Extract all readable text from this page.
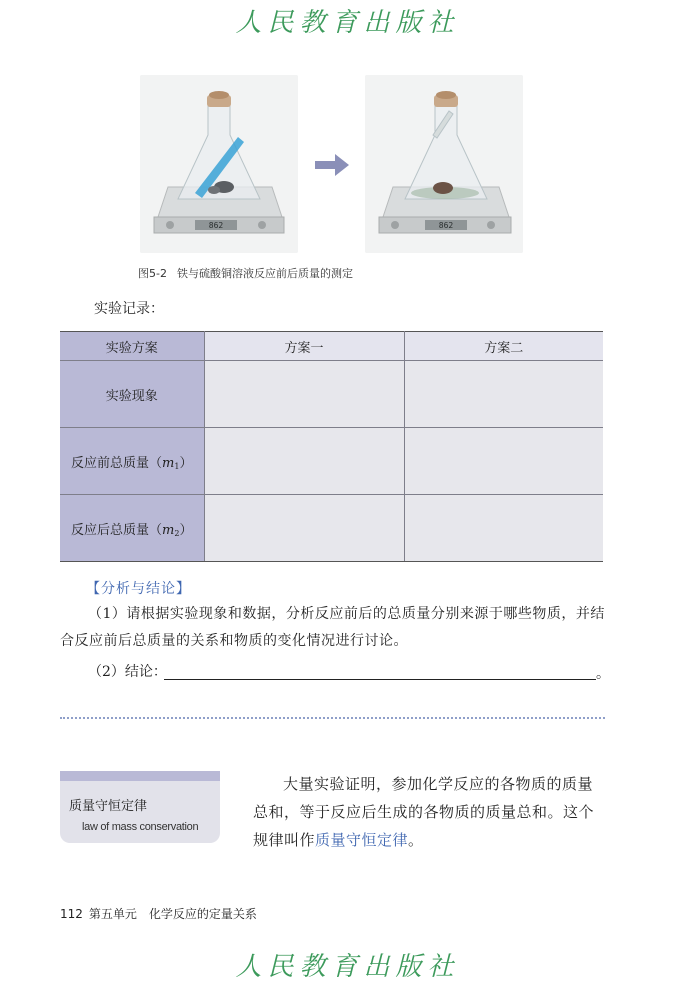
人民教育出版社
862	862
图5-2 铁与硫酸铜溶液反应前后质量的测定
实验记录：
实验方案	方案一	方案二
实验现象		
反应前总质量$(m_1)$		
反应后总质量$(m_2)$		
【分析与结论】
（1）请根据实验现象和数据，分析反应前后的总质量分别来源于哪些物质，并结合反应前后总质量的关系和物质的变化情况进行讨论。
（2）结论：	。
质量守恒定律
law of mass conservation
大量实验证明，参加化学反应的各物质的质量总和，等于反应后生成的各物质的质量总和。这个规律叫作质量守恒定律。
112 第五单元　化学反应的定量关系
人民教育出版社
